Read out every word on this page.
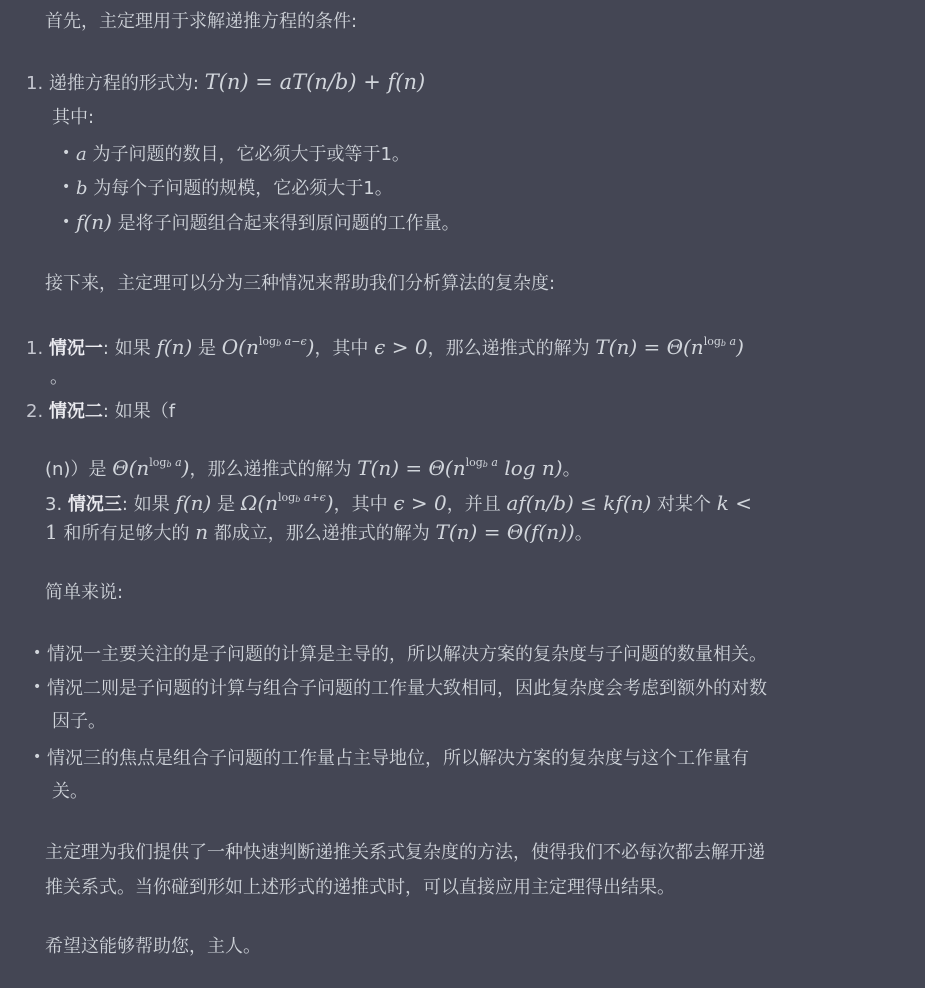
首先，主定理用于求解递推方程的条件:
1. 递推方程的形式为: T(n) = aT(n/b) + f(n)
其中:
• a 为子问题的数目，它必须大于或等于1。
• b 为每个子问题的规模，它必须大于1。
• f(n) 是将子问题组合起来得到原问题的工作量。
接下来，主定理可以分为三种情况来帮助我们分析算法的复杂度:
1. 情况一: 如果 f(n) 是 $O(n^{logb a-\epsilon})$，其中 ϵ > 0，那么递推式的解为 $T(n) = \Theta(n^{logb a})$
。
2. 情况二: 如果（f
(n)）是 $\Theta(n^{logb a})$，那么递推式的解为 $T(n) = \Theta(n^{logb a}$ log n)。
3. 情况三: 如果 f(n) 是 $\Omega(n^{logb a+\epsilon})$，其中 ϵ > 0，并且 af(n/b) ≤ kf(n) 对某个 k <
1 和所有足够大的 n 都成立，那么递推式的解为 T(n) = Θ(f(n))。
简单来说:
• 情况一主要关注的是子问题的计算是主导的，所以解决方案的复杂度与子问题的数量相关。
• 情况二则是子问题的计算与组合子问题的工作量大致相同，因此复杂度会考虑到额外的对数
因子。
• 情况三的焦点是组合子问题的工作量占主导地位，所以解决方案的复杂度与这个工作量有
关。
主定理为我们提供了一种快速判断递推关系式复杂度的方法，使得我们不必每次都去解开递
推关系式。当你碰到形如上述形式的递推式时，可以直接应用主定理得出结果。
希望这能够帮助您，主人。
